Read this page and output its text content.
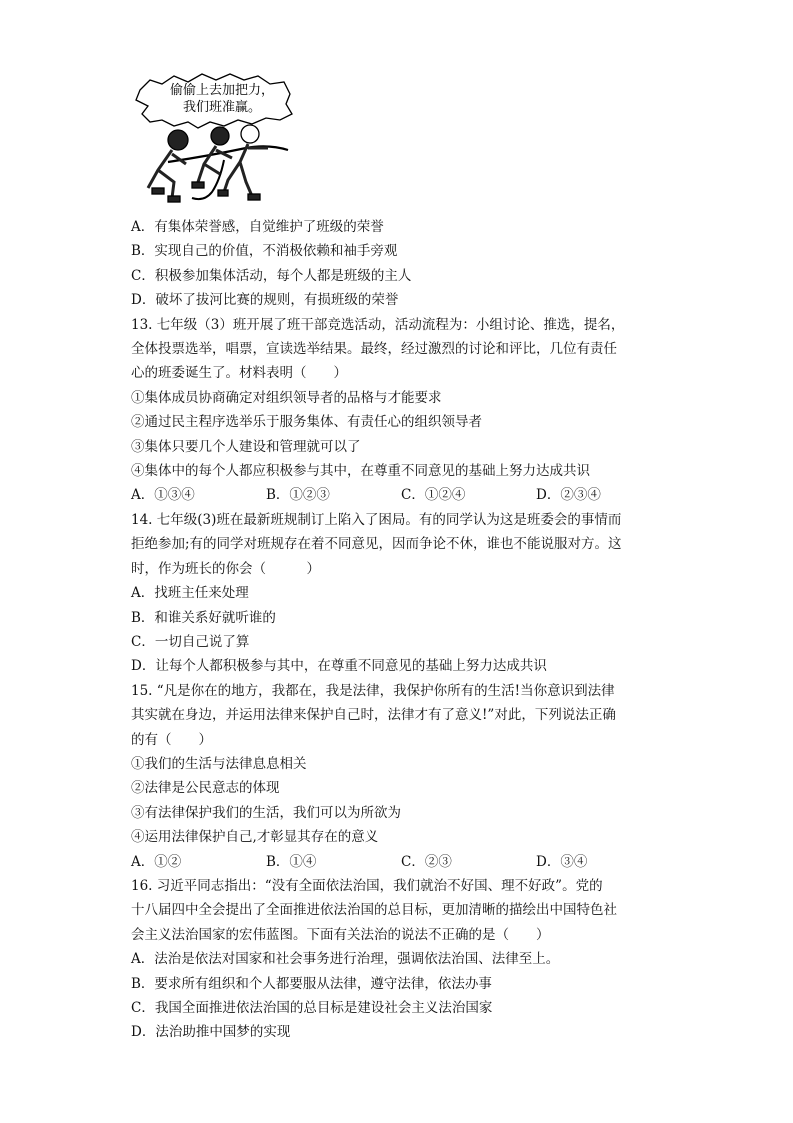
偷偷上去加把力，
我们班准赢。
A．有集体荣誉感，自觉维护了班级的荣誉
B．实现自己的价值，不消极依赖和袖手旁观
C．积极参加集体活动，每个人都是班级的主人
D．破坏了拔河比赛的规则，有损班级的荣誉
13. 七年级（3）班开展了班干部竞选活动，活动流程为：小组讨论、推选，提名，
全体投票选举，唱票，宣读选举结果。最终，经过激烈的讨论和评比，几位有责任
心的班委诞生了。材料表明（　　）
①集体成员协商确定对组织领导者的品格与才能要求
②通过民主程序选举乐于服务集体、有责任心的组织领导者
③集体只要几个人建设和管理就可以了
④集体中的每个人都应积极参与其中，在尊重不同意见的基础上努力达成共识
A．①③④	B．①②③	C．①②④	D．②③④
14. 七年级(3)班在最新班规制订上陷入了困局。有的同学认为这是班委会的事情而
拒绝参加;有的同学对班规存在着不同意见，因而争论不休，谁也不能说服对方。这
时，作为班长的你会（　　　）
A．找班主任来处理
B．和谁关系好就听谁的
C．一切自己说了算
D．让每个人都积极参与其中，在尊重不同意见的基础上努力达成共识
15. “凡是你在的地方，我都在，我是法律，我保护你所有的生活!当你意识到法律
其实就在身边，并运用法律来保护自己时，法律才有了意义!”对此，下列说法正确
的有（　　）
①我们的生活与法律息息相关
②法律是公民意志的体现
③有法律保护我们的生活，我们可以为所欲为
④运用法律保护自己,才彰显其存在的意义
A．①②	B．①④	C．②③	D．③④
16. 习近平同志指出：“没有全面依法治国，我们就治不好国、理不好政”。党的
十八届四中全会提出了全面推进依法治国的总目标，更加清晰的描绘出中国特色社
会主义法治国家的宏伟蓝图。下面有关法治的说法不正确的是（　　）
A．法治是依法对国家和社会事务进行治理，强调依法治国、法律至上。
B．要求所有组织和个人都要服从法律，遵守法律，依法办事
C．我国全面推进依法治国的总目标是建设社会主义法治国家
D．法治助推中国梦的实现
